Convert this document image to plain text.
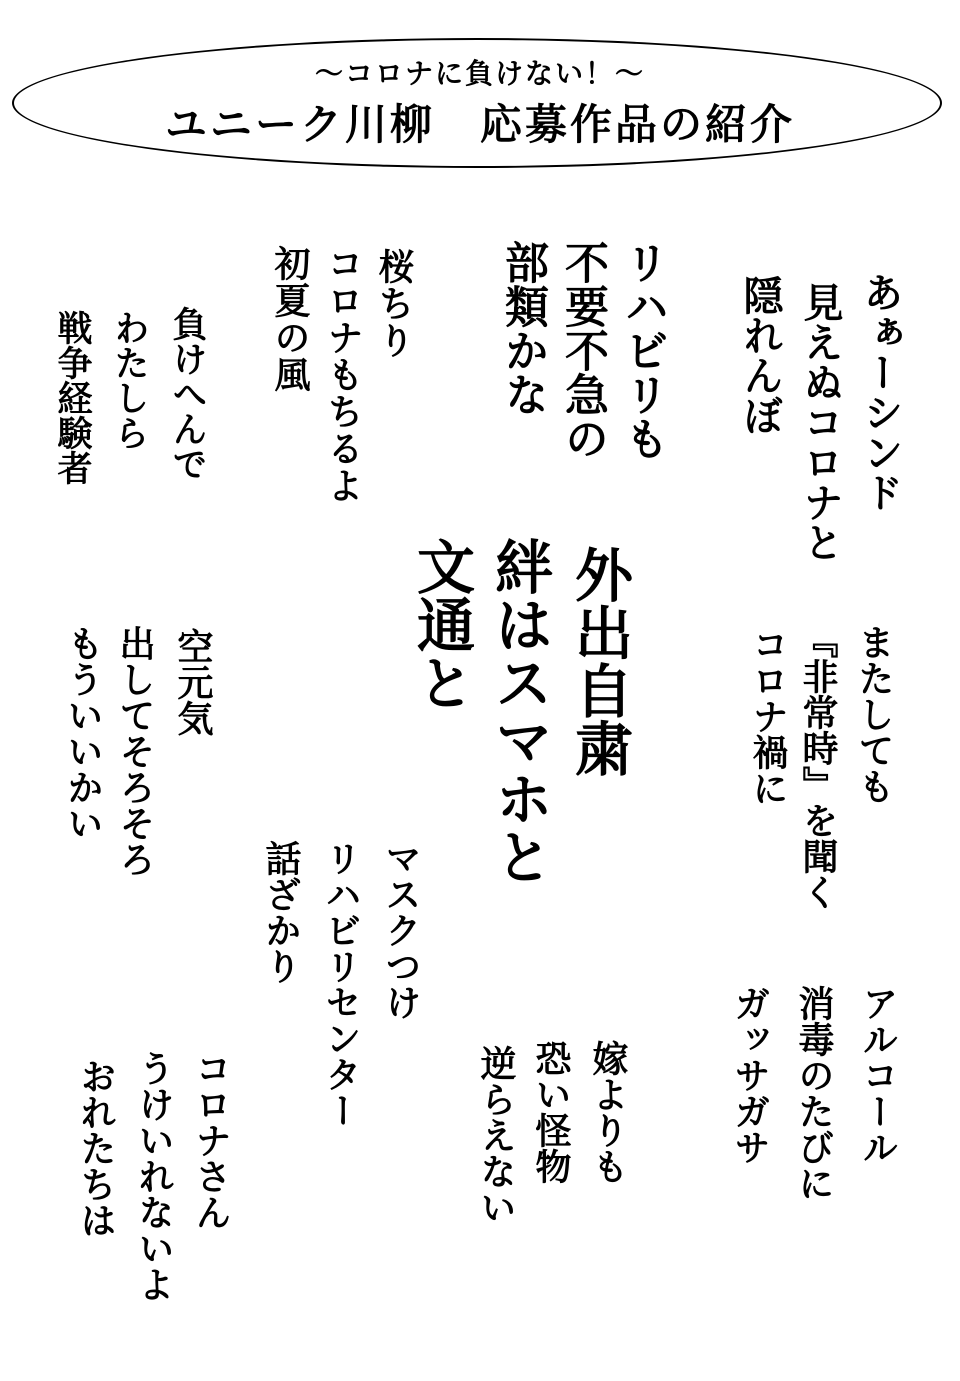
～コロナに負けない！～
ユニーク川柳　応募作品の紹介
あぁーシンド
見えぬコロナと
隠れんぼ
リハビリも
不要不急の
部類かな
桜ちり
コロナもちるよ
初夏の風
負けへんで
わたしら
戦争経験者
外出自粛
絆はスマホと
文通と	またしても
『非常時』を聞く
コロナ禍に
空元気
出してそろそろ
もういいかい
マスクつけ
リハビリセンター
話ざかり
アルコール
消毒のたびに
ガッサガサ
嫁よりも
恐い怪物
逆らえない
コロナさん
うけいれないよ
おれたちは
